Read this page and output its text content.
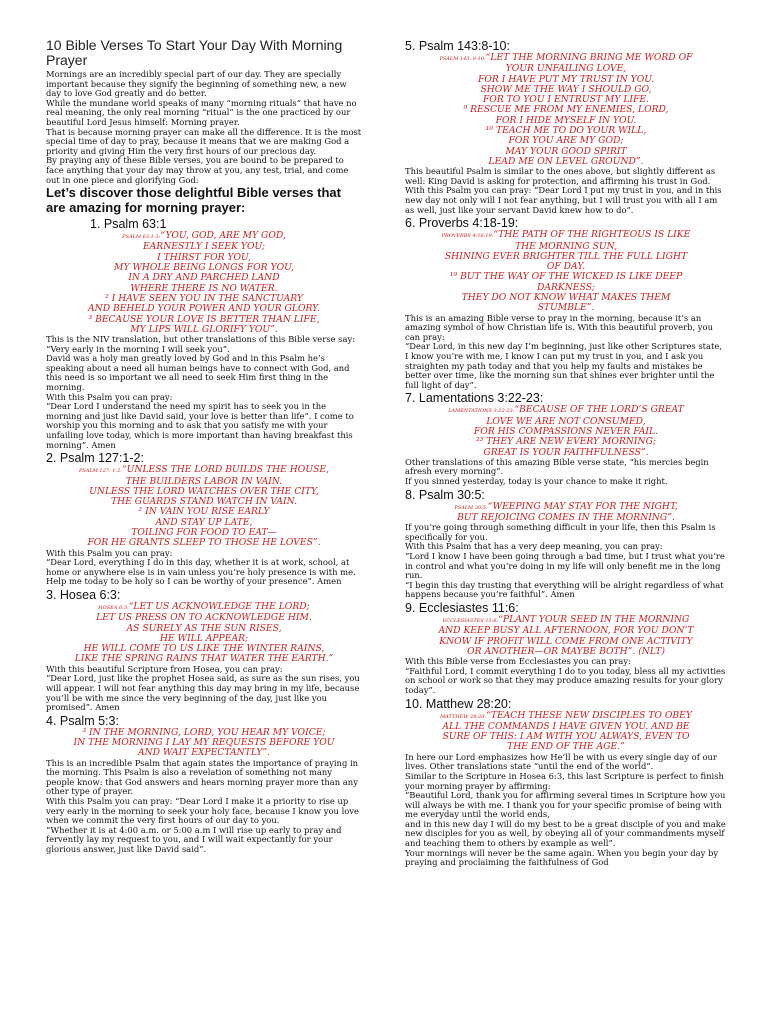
10 Bible Verses To Start Your Day With Morning Prayer

Mornings are an incredibly special part of our day. They are specially important because they signify the beginning of something new, a new day to love God greatly and do better.

While the mundane world speaks of many “morning rituals” that have no real meaning, the only real morning “ritual” is the one practiced by our beautiful Lord Jesus himself: Morning prayer.

That is because morning prayer can make all the difference. It is the most special time of day to pray, because it means that we are making God a priority and giving Him the very first hours of our precious day.

By praying any of these Bible verses, you are bound to be prepared to face anything that your day may throw at you, any test, trial, and come out in one piece and glorifying God:

Let’s discover those delightful Bible verses that are amazing for morning prayer:
1. Psalm 63:1

PSALM 63:1-3:“YOU, GOD, ARE MY GOD,

EARNESTLY I SEEK YOU;

I THIRST FOR YOU,

MY WHOLE BEING LONGS FOR YOU,

IN A DRY AND PARCHED LAND

WHERE THERE IS NO WATER.

² I HAVE SEEN YOU IN THE SANCTUARY

AND BEHELD YOUR POWER AND YOUR GLORY.

³ BECAUSE YOUR LOVE IS BETTER THAN LIFE,

MY LIPS WILL GLORIFY YOU”.

This is the NIV translation, but other translations of this Bible verse say: “Very early in the morning I will seek you”.

David was a holy man greatly loved by God and in this Psalm he’s speaking about a need all human beings have to connect with God, and this need is so important we all need to seek Him first thing in the morning.

With this Psalm you can pray:

“Dear Lord I understand the need my spirit has to seek you in the morning and just like David said, your love is better than life”. I come to worship you this morning and to ask that you satisfy me with your unfailing love today, which is more important than having breakfast this morning”. Amen

2. Psalm 127:1-2:

PSALM 127: 1-2:“UNLESS THE LORD BUILDS THE HOUSE,

THE BUILDERS LABOR IN VAIN.

UNLESS THE LORD WATCHES OVER THE CITY,

THE GUARDS STAND WATCH IN VAIN.

² IN VAIN YOU RISE EARLY

AND STAY UP LATE,

TOILING FOR FOOD TO EAT—

FOR HE GRANTS SLEEP TO THOSE HE LOVES”.

With this Psalm you can pray:

“Dear Lord, everything I do in this day, whether it is at work, school, at home or anywhere else is in vain unless you’re holy presence is with me. Help me today to be holy so I can be worthy of your presence”. Amen

3. Hosea 6:3:

HOSEA 6:3:“LET US ACKNOWLEDGE THE LORD;

LET US PRESS ON TO ACKNOWLEDGE HIM.

AS SURELY AS THE SUN RISES,

HE WILL APPEAR;

HE WILL COME TO US LIKE THE WINTER RAINS,

LIKE THE SPRING RAINS THAT WATER THE EARTH.”

With this beautiful Scripture from Hosea, you can pray:

“Dear Lord, just like the prophet Hosea said, as sure as the sun rises, you will appear. I will not fear anything this day may bring in my life, because you’ll be with me since the very beginning of the day, just like you promised”. Amen

4. Psalm 5:3:

³ IN THE MORNING, LORD, YOU HEAR MY VOICE;

IN THE MORNING I LAY MY REQUESTS BEFORE YOU

AND WAIT EXPECTANTLY”.

This is an incredible Psalm that again states the importance of praying in the morning. This Psalm is also a revelation of something not many people know: that God answers and hears morning prayer more than any other type of prayer.

With this Psalm you can pray: “Dear Lord I make it a priority to rise up very early in the morning to seek your holy face, because I know you love when we commit the very first hours of our day to you.

“Whether it is at 4:00 a.m. or 5:00 a.m I will rise up early to pray and fervently lay my request to you, and I will wait expectantly for your glorious answer, just like David said”.

5. Psalm 143:8-10:

PSALM 143: 8-10:“LET THE MORNING BRING ME WORD OF

YOUR UNFAILING LOVE,

FOR I HAVE PUT MY TRUST IN YOU.

SHOW ME THE WAY I SHOULD GO,

FOR TO YOU I ENTRUST MY LIFE.

⁹ RESCUE ME FROM MY ENEMIES, LORD,

FOR I HIDE MYSELF IN YOU.

¹⁰ TEACH ME TO DO YOUR WILL,

FOR YOU ARE MY GOD;

MAY YOUR GOOD SPIRIT

LEAD ME ON LEVEL GROUND”.

This beautiful Psalm is similar to the ones above, but slightly different as well: King David is asking for protection, and affirming his trust in God.

With this Psalm you can pray: “Dear Lord I put my trust in you, and in this new day not only will I not fear anything, but I will trust you with all I am as well, just like your servant David knew how to do”.

6. Proverbs 4:18-19:

PROVERBS 4:18-19:“THE PATH OF THE RIGHTEOUS IS LIKE

THE MORNING SUN,

SHINING EVER BRIGHTER TILL THE FULL LIGHT

OF DAY.

¹⁹ BUT THE WAY OF THE WICKED IS LIKE DEEP

DARKNESS;

THEY DO NOT KNOW WHAT MAKES THEM

STUMBLE”.

This is an amazing Bible verse to pray in the morning, because it’s an amazing symbol of how Christian life is. With this beautiful proverb, you can pray:

“Dear Lord, in this new day I’m beginning, just like other Scriptures state, I know you’re with me, I know I can put my trust in you, and I ask you straighten my path today and that you help my faults and mistakes be better over time, like the morning sun that shines ever brighter until the full light of day”.

7. Lamentations 3:22-23:

LAMENTATIONS 3:22-23:“BECAUSE OF THE LORD’S GREAT

LOVE WE ARE NOT CONSUMED,

FOR HIS COMPASSIONS NEVER FAIL.

²³ THEY ARE NEW EVERY MORNING;

GREAT IS YOUR FAITHFULNESS”.

Other translations of this amazing Bible verse state, “his mercies begin afresh every morning”.

If you sinned yesterday, today is your chance to make it right.

8. Psalm 30:5:

PSALM 30:5:“WEEPING MAY STAY FOR THE NIGHT,

BUT REJOICING COMES IN THE MORNING”.

If you’re going through something difficult in your life, then this Psalm is specifically for you.

With this Psalm that has a very deep meaning, you can pray:

“Lord I know I have been going through a bad time, but I trust what you’re in control and what you’re doing in my life will only benefit me in the long run.

“I begin this day trusting that everything will be alright regardless of what happens because you’re faithful”. Amen

9. Ecclesiastes 11:6:

ECCLESIASTES 11:6:“PLANT YOUR SEED IN THE MORNING

AND KEEP BUSY ALL AFTERNOON, FOR YOU DON’T

KNOW IF PROFIT WILL COME FROM ONE ACTIVITY

OR ANOTHER—OR MAYBE BOTH”. (NLT)

With this Bible verse from Ecclesiastes you can pray:

“Faithful Lord, I commit everything I do to you today, bless all my activities on school or work so that they may produce amazing results for your glory today”.

10. Matthew 28:20:

MATTHEW 28:20:“TEACH THESE NEW DISCIPLES TO OBEY

ALL THE COMMANDS I HAVE GIVEN YOU. AND BE

SURE OF THIS: I AM WITH YOU ALWAYS, EVEN TO

THE END OF THE AGE.”

In here our Lord emphasizes how He’ll be with us every single day of our lives. Other translations state “until the end of the world”.

Similar to the Scripture in Hosea 6:3, this last Scripture is perfect to finish your morning prayer by affirming:

“Beautiful Lord, thank you for affirming several times in Scripture how you will always be with me. I thank you for your specific promise of being with me everyday until the world ends,

and in this new day I will do my best to be a great disciple of you and make new disciples for you as well, by obeying all of your commandments myself and teaching them to others by example as well”.

Your mornings will never be the same again. When you begin your day by praying and proclaiming the faithfulness of God
